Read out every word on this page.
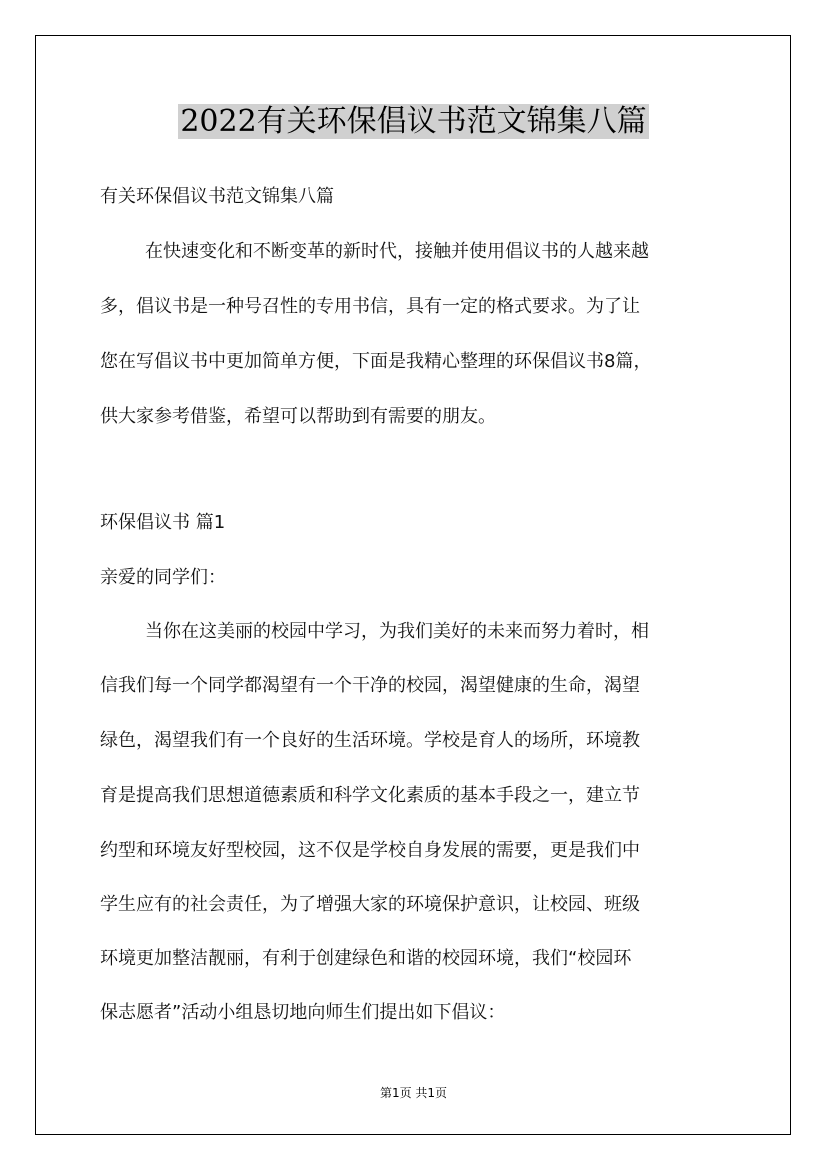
2022有关环保倡议书范文锦集八篇
有关环保倡议书范文锦集八篇
在快速变化和不断变革的新时代，接触并使用倡议书的人越来越
多，倡议书是一种号召性的专用书信，具有一定的格式要求。为了让
您在写倡议书中更加简单方便，下面是我精心整理的环保倡议书8篇，
供大家参考借鉴，希望可以帮助到有需要的朋友。
环保倡议书 篇1
亲爱的同学们：
当你在这美丽的校园中学习，为我们美好的未来而努力着时，相
信我们每一个同学都渴望有一个干净的校园，渴望健康的生命，渴望
绿色，渴望我们有一个良好的生活环境。学校是育人的场所，环境教
育是提高我们思想道德素质和科学文化素质的基本手段之一，建立节
约型和环境友好型校园，这不仅是学校自身发展的需要，更是我们中
学生应有的社会责任，为了增强大家的环境保护意识，让校园、班级
环境更加整洁靓丽，有利于创建绿色和谐的校园环境，我们“校园环
保志愿者”活动小组恳切地向师生们提出如下倡议：
第1页 共1页
